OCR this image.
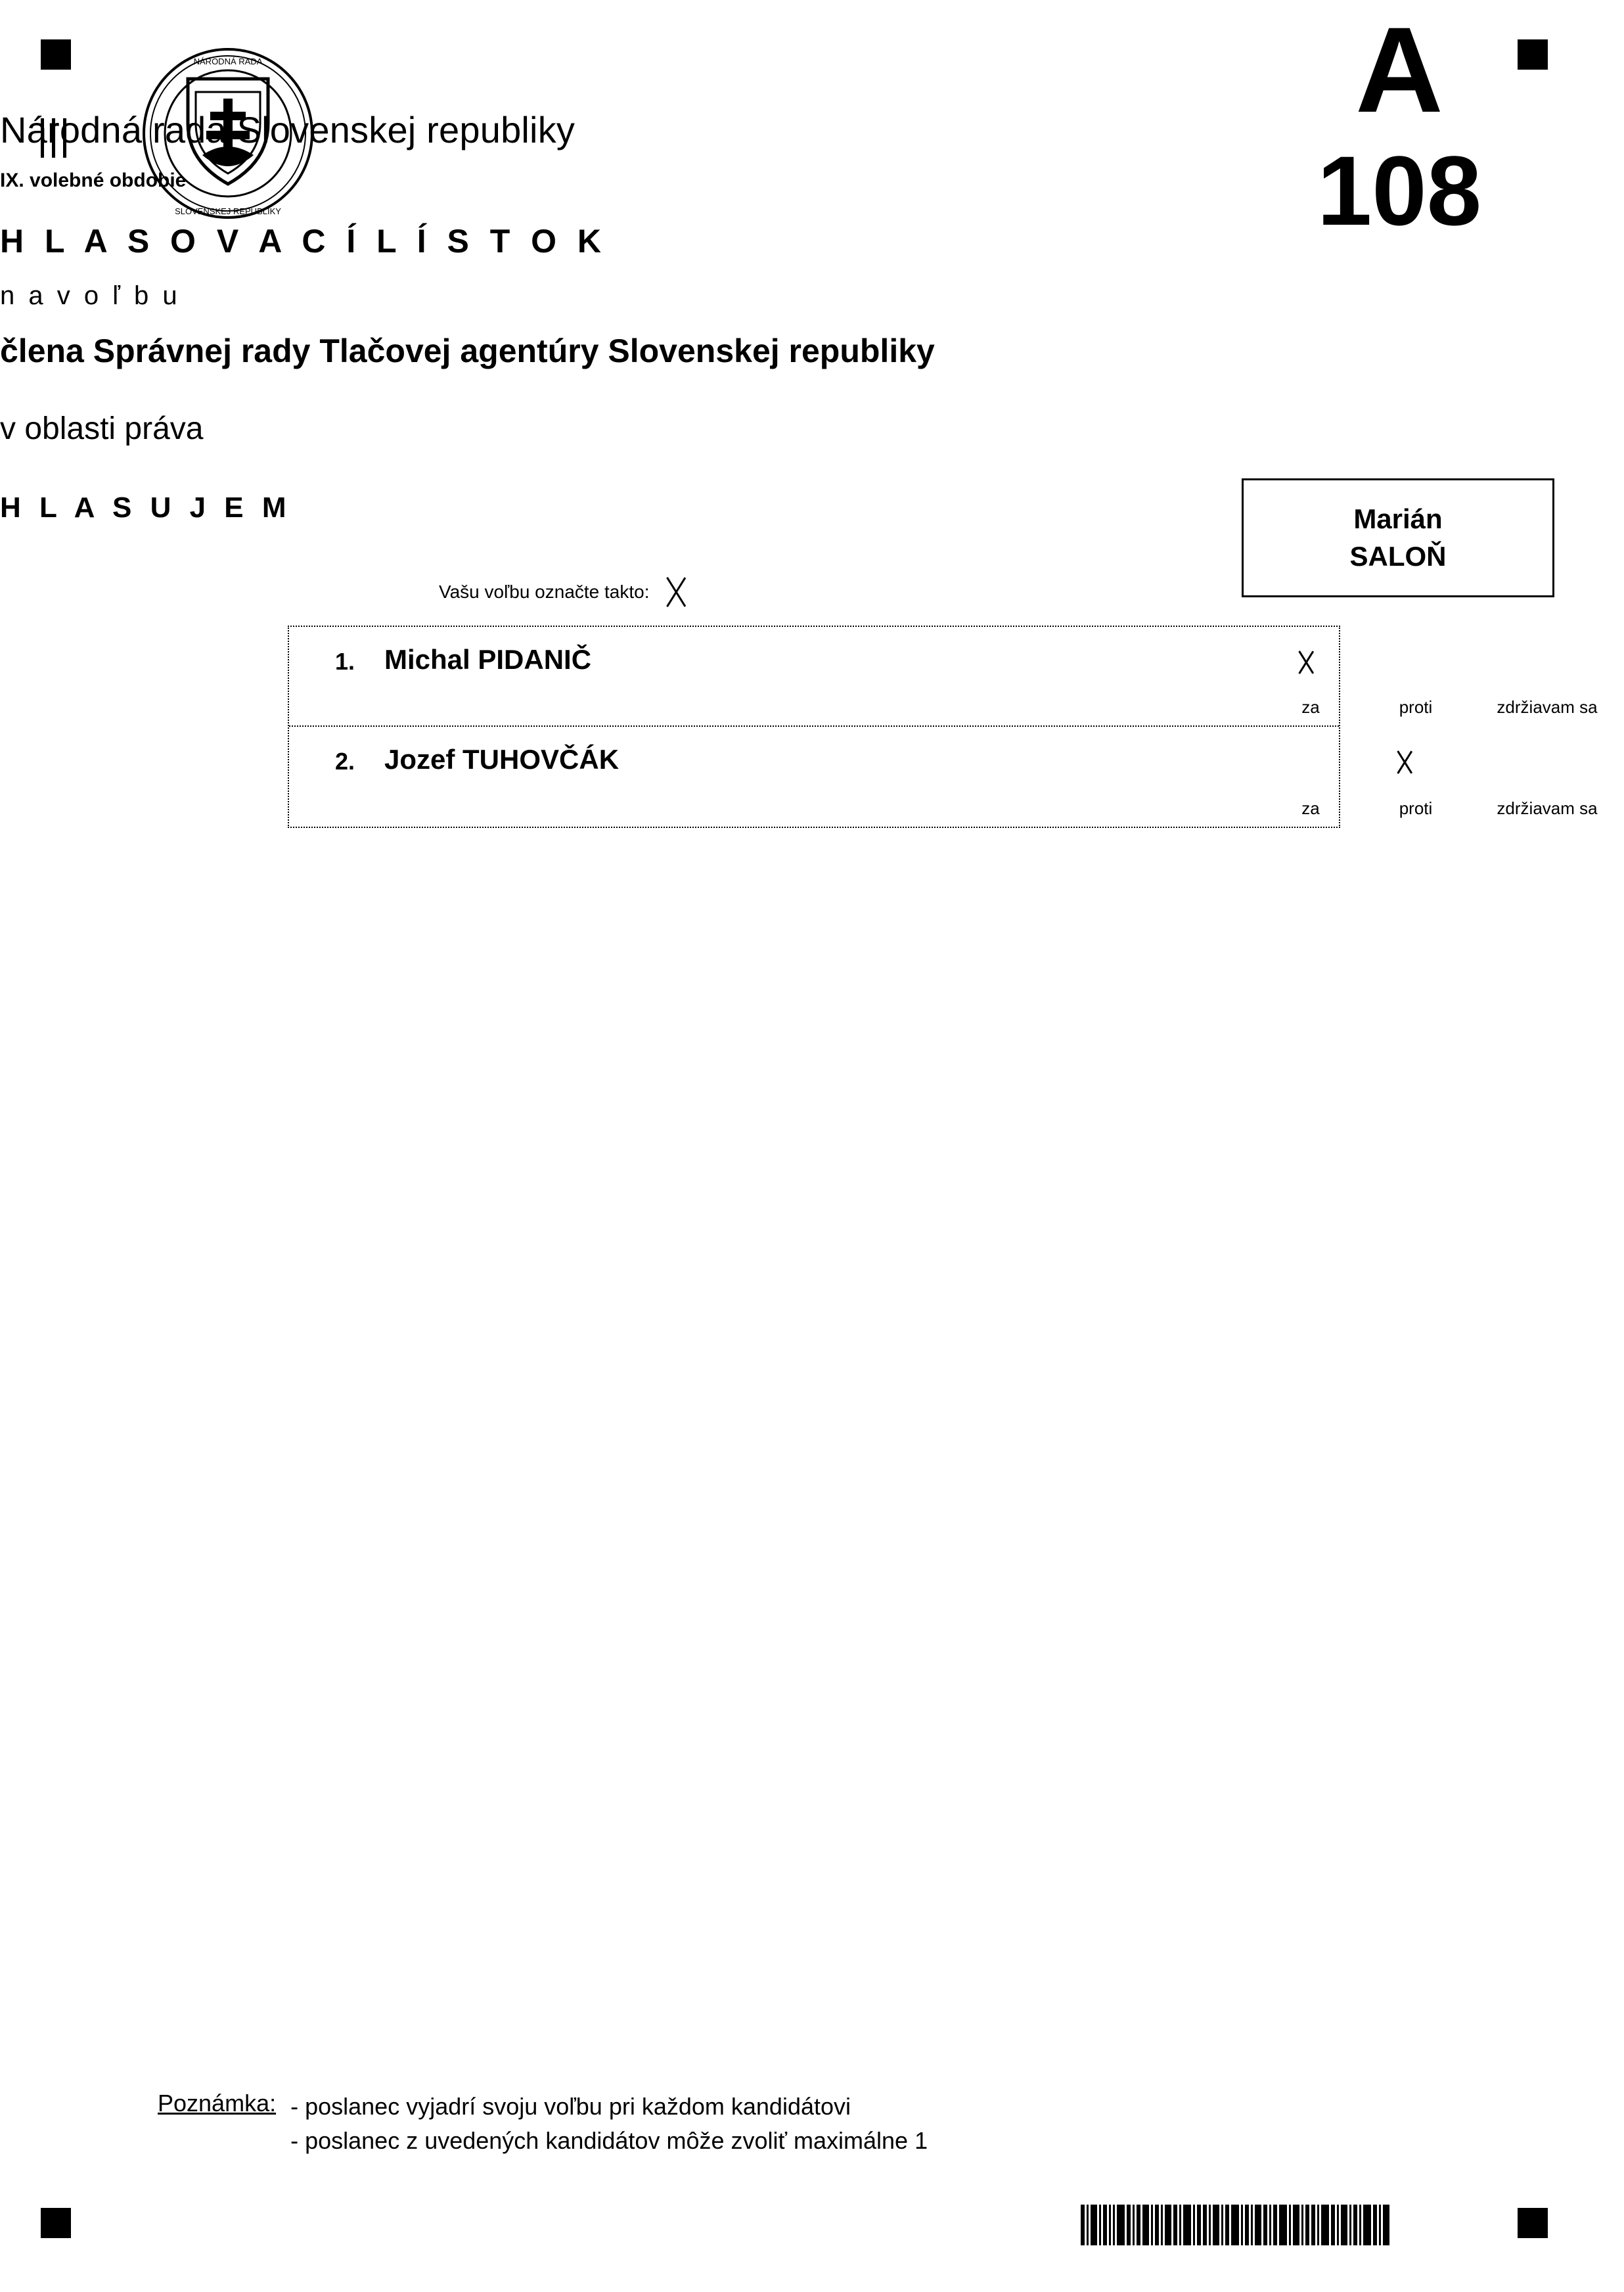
NÁRODNÁ RADA
SLOVENSKEJ REPUBLIKY
A
108
Národná rada Slovenskej republiky
IX. volebné obdobie
H L A S O V A C Í L Í S T O K
n a v o ľ b u
člena Správnej rady Tlačovej agentúry Slovenskej republiky
v oblasti práva
H L A S U J E M	Marián
SALOŇ
Vašu voľbu označte takto:
1. Michal PIDANIČ
za	proti	zdržiavam sa
2. Jozef TUHOVČÁK
za	proti	zdržiavam sa
Poznámka: - poslanec vyjadrí svoju voľbu pri každom kandidátovi
- poslanec z uvedených kandidátov môže zvoliť maximálne 1
